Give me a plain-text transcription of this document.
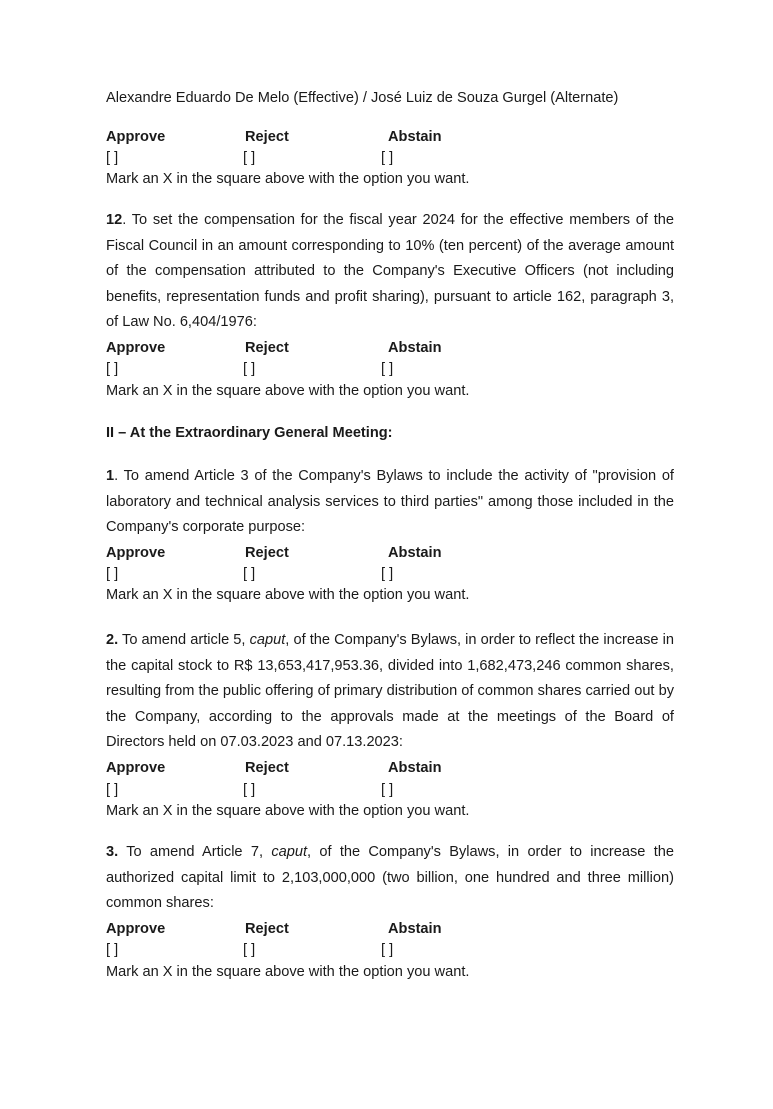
Alexandre Eduardo De Melo (Effective) / José Luiz de Souza Gurgel (Alternate)
Approve	Reject	Abstain
[ ]	[ ]	[ ]
Mark an X in the square above with the option you want.
12. To set the compensation for the fiscal year 2024 for the effective members of the Fiscal Council in an amount corresponding to 10% (ten percent) of the average amount of the compensation attributed to the Company's Executive Officers (not including benefits, representation funds and profit sharing), pursuant to article 162, paragraph 3, of Law No. 6,404/1976:
Approve	Reject	Abstain
[ ]	[ ]	[ ]
Mark an X in the square above with the option you want.
II – At the Extraordinary General Meeting:
1. To amend Article 3 of the Company's Bylaws to include the activity of "provision of laboratory and technical analysis services to third parties" among those included in the Company's corporate purpose:
Approve	Reject	Abstain
[ ]	[ ]	[ ]
Mark an X in the square above with the option you want.
2. To amend article 5, caput, of the Company's Bylaws, in order to reflect the increase in the capital stock to R$ 13,653,417,953.36, divided into 1,682,473,246 common shares, resulting from the public offering of primary distribution of common shares carried out by the Company, according to the approvals made at the meetings of the Board of Directors held on 07.03.2023 and 07.13.2023:
Approve	Reject	Abstain
[ ]	[ ]	[ ]
Mark an X in the square above with the option you want.
3. To amend Article 7, caput, of the Company's Bylaws, in order to increase the authorized capital limit to 2,103,000,000 (two billion, one hundred and three million) common shares:
Approve	Reject	Abstain
[ ]	[ ]	[ ]
Mark an X in the square above with the option you want.
